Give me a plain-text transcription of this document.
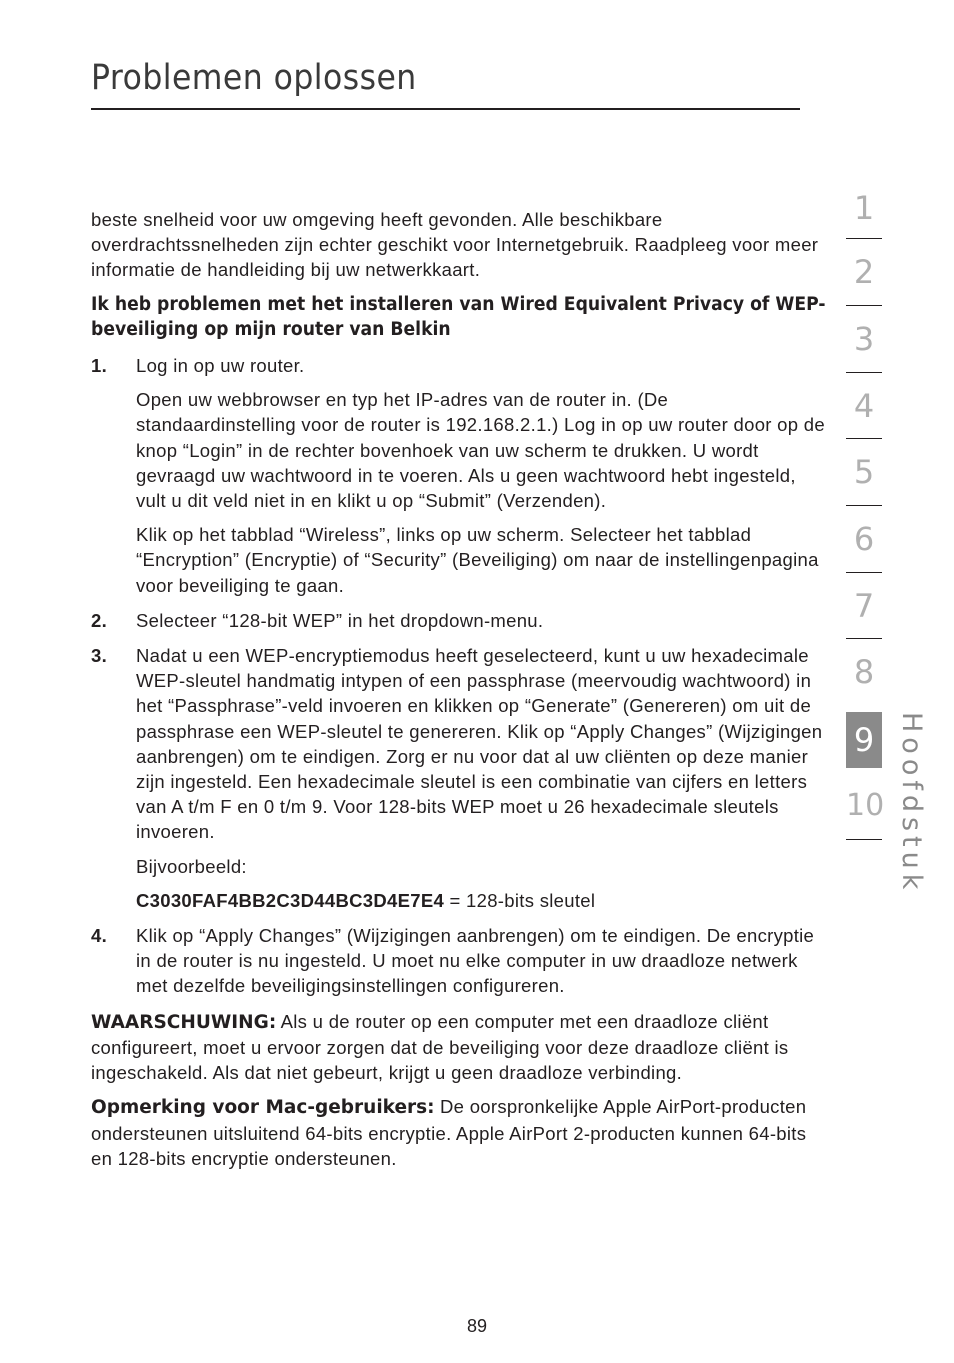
Problemen oplossen

beste snelheid voor uw omgeving heeft gevonden. Alle beschikbare overdrachtssnelheden zijn echter geschikt voor Internetgebruik. Raadpleeg voor meer informatie de handleiding bij uw netwerkkaart.

Ik heb problemen met het installeren van Wired Equivalent Privacy of WEP-beveiliging op mijn router van Belkin
1. Log in op uw router.

Open uw webbrowser en typ het IP-adres van de router in. (De standaardinstelling voor de router is 192.168.2.1.) Log in op uw router door op de knop “Login” in de rechter bovenhoek van uw scherm te drukken. U wordt gevraagd uw wachtwoord in te voeren. Als u geen wachtwoord hebt ingesteld, vult u dit veld niet in en klikt u op “Submit” (Verzenden).

Klik op het tabblad “Wireless”, links op uw scherm. Selecteer het tabblad “Encryption” (Encryptie) of “Security” (Beveiliging) om naar de instellingenpagina voor beveiliging te gaan.

2. Selecteer “128-bit WEP” in het dropdown-menu.

3. Nadat u een WEP-encryptiemodus heeft geselecteerd, kunt u uw hexadecimale WEP-sleutel handmatig intypen of een passphrase (meervoudig wachtwoord) in het “Passphrase”-veld invoeren en klikken op “Generate” (Genereren) om uit de passphrase een WEP-sleutel te genereren. Klik op “Apply Changes” (Wijzigingen aanbrengen) om te eindigen. Zorg er nu voor dat al uw cliënten op deze manier zijn ingesteld. Een hexadecimale sleutel is een combinatie van cijfers en letters van A t/m F en 0 t/m 9. Voor 128-bits WEP moet u 26 hexadecimale sleutels invoeren.

Bijvoorbeeld:

C3030FAF4BB2C3D44BC3D4E7E4 = 128-bits sleutel

4. Klik op “Apply Changes” (Wijzigingen aanbrengen) om te eindigen. De encryptie in de router is nu ingesteld. U moet nu elke computer in uw draadloze netwerk met dezelfde beveiligingsinstellingen configureren.

WAARSCHUWING: Als u de router op een computer met een draadloze cliënt configureert, moet u ervoor zorgen dat de beveiliging voor deze draadloze cliënt is ingeschakeld. Als dat niet gebeurt, krijgt u geen draadloze verbinding.

Opmerking voor Mac-gebruikers: De oorspronkelijke Apple AirPort-producten ondersteunen uitsluitend 64-bits encryptie. Apple AirPort 2-producten kunnen 64-bits en 128-bits encryptie ondersteunen.

89
1
2
3
4
5
6
7
8
9
10 Hoofdstuk
